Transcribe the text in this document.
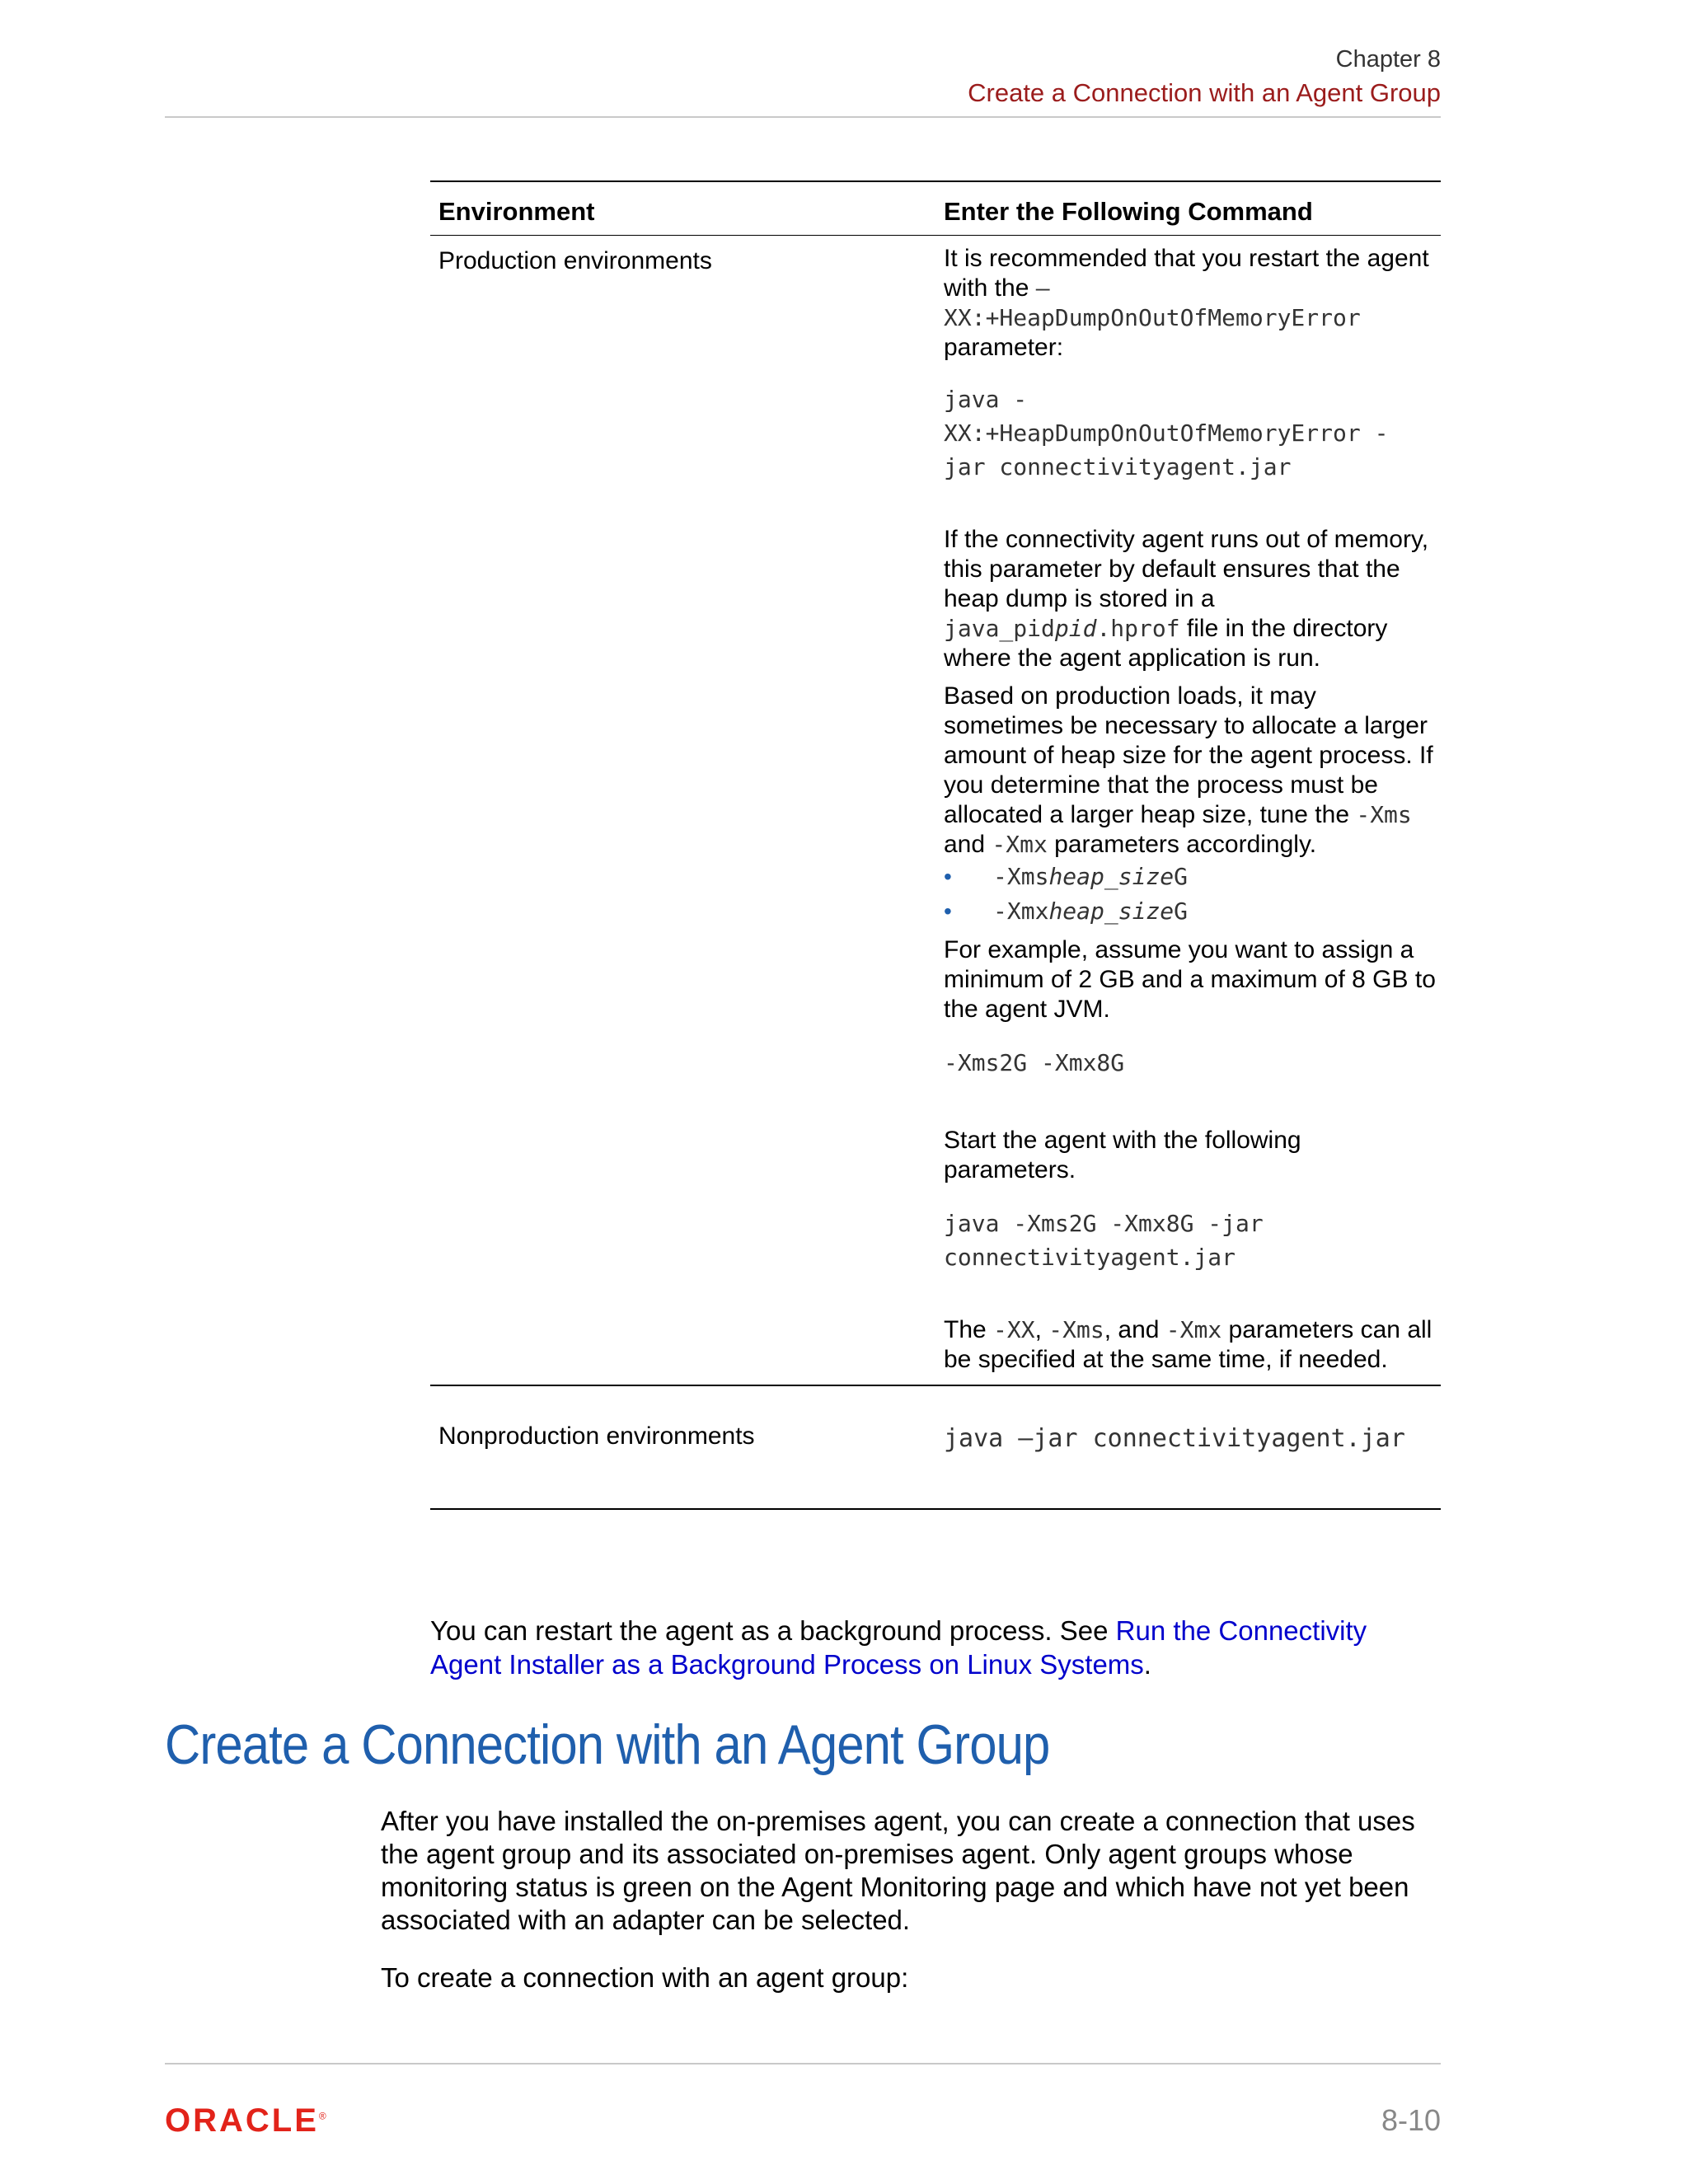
Chapter 8
Create a Connection with an Agent Group
Environment	Enter the Following Command
Production environments	It is recommended that you restart the agent with the –XX:+HeapDumpOnOutOfMemoryError
parameter:

java -
XX:+HeapDumpOnOutOfMemoryError -
jar connectivityagent.jar

If the connectivity agent runs out of memory, this parameter by default ensures that the heap dump is stored in a java_pidpid.hprof file in the directory where the agent application is run.

Based on production loads, it may sometimes be necessary to allocate a larger amount of heap size for the agent process. If you determine that the process must be allocated a larger heap size, tune the -Xms
and -Xmx parameters accordingly.

• -Xmsheap_sizeG
• -Xmxheap_sizeG

For example, assume you want to assign a minimum of 2 GB and a maximum of 8 GB to the agent JVM.

-Xms2G -Xmx8G

Start the agent with the following parameters.

java -Xms2G -Xmx8G -jar
connectivityagent.jar

The -XX, -Xms, and -Xmx parameters can all be specified at the same time, if needed.

Nonproduction environments	java –jar connectivityagent.jar

You can restart the agent as a background process. See Run the Connectivity Agent Installer as a Background Process on Linux Systems.

Create a Connection with an Agent Group

After you have installed the on-premises agent, you can create a connection that uses the agent group and its associated on-premises agent. Only agent groups whose monitoring status is green on the Agent Monitoring page and which have not yet been associated with an adapter can be selected.

To create a connection with an agent group:

ORACLE®	8-10
